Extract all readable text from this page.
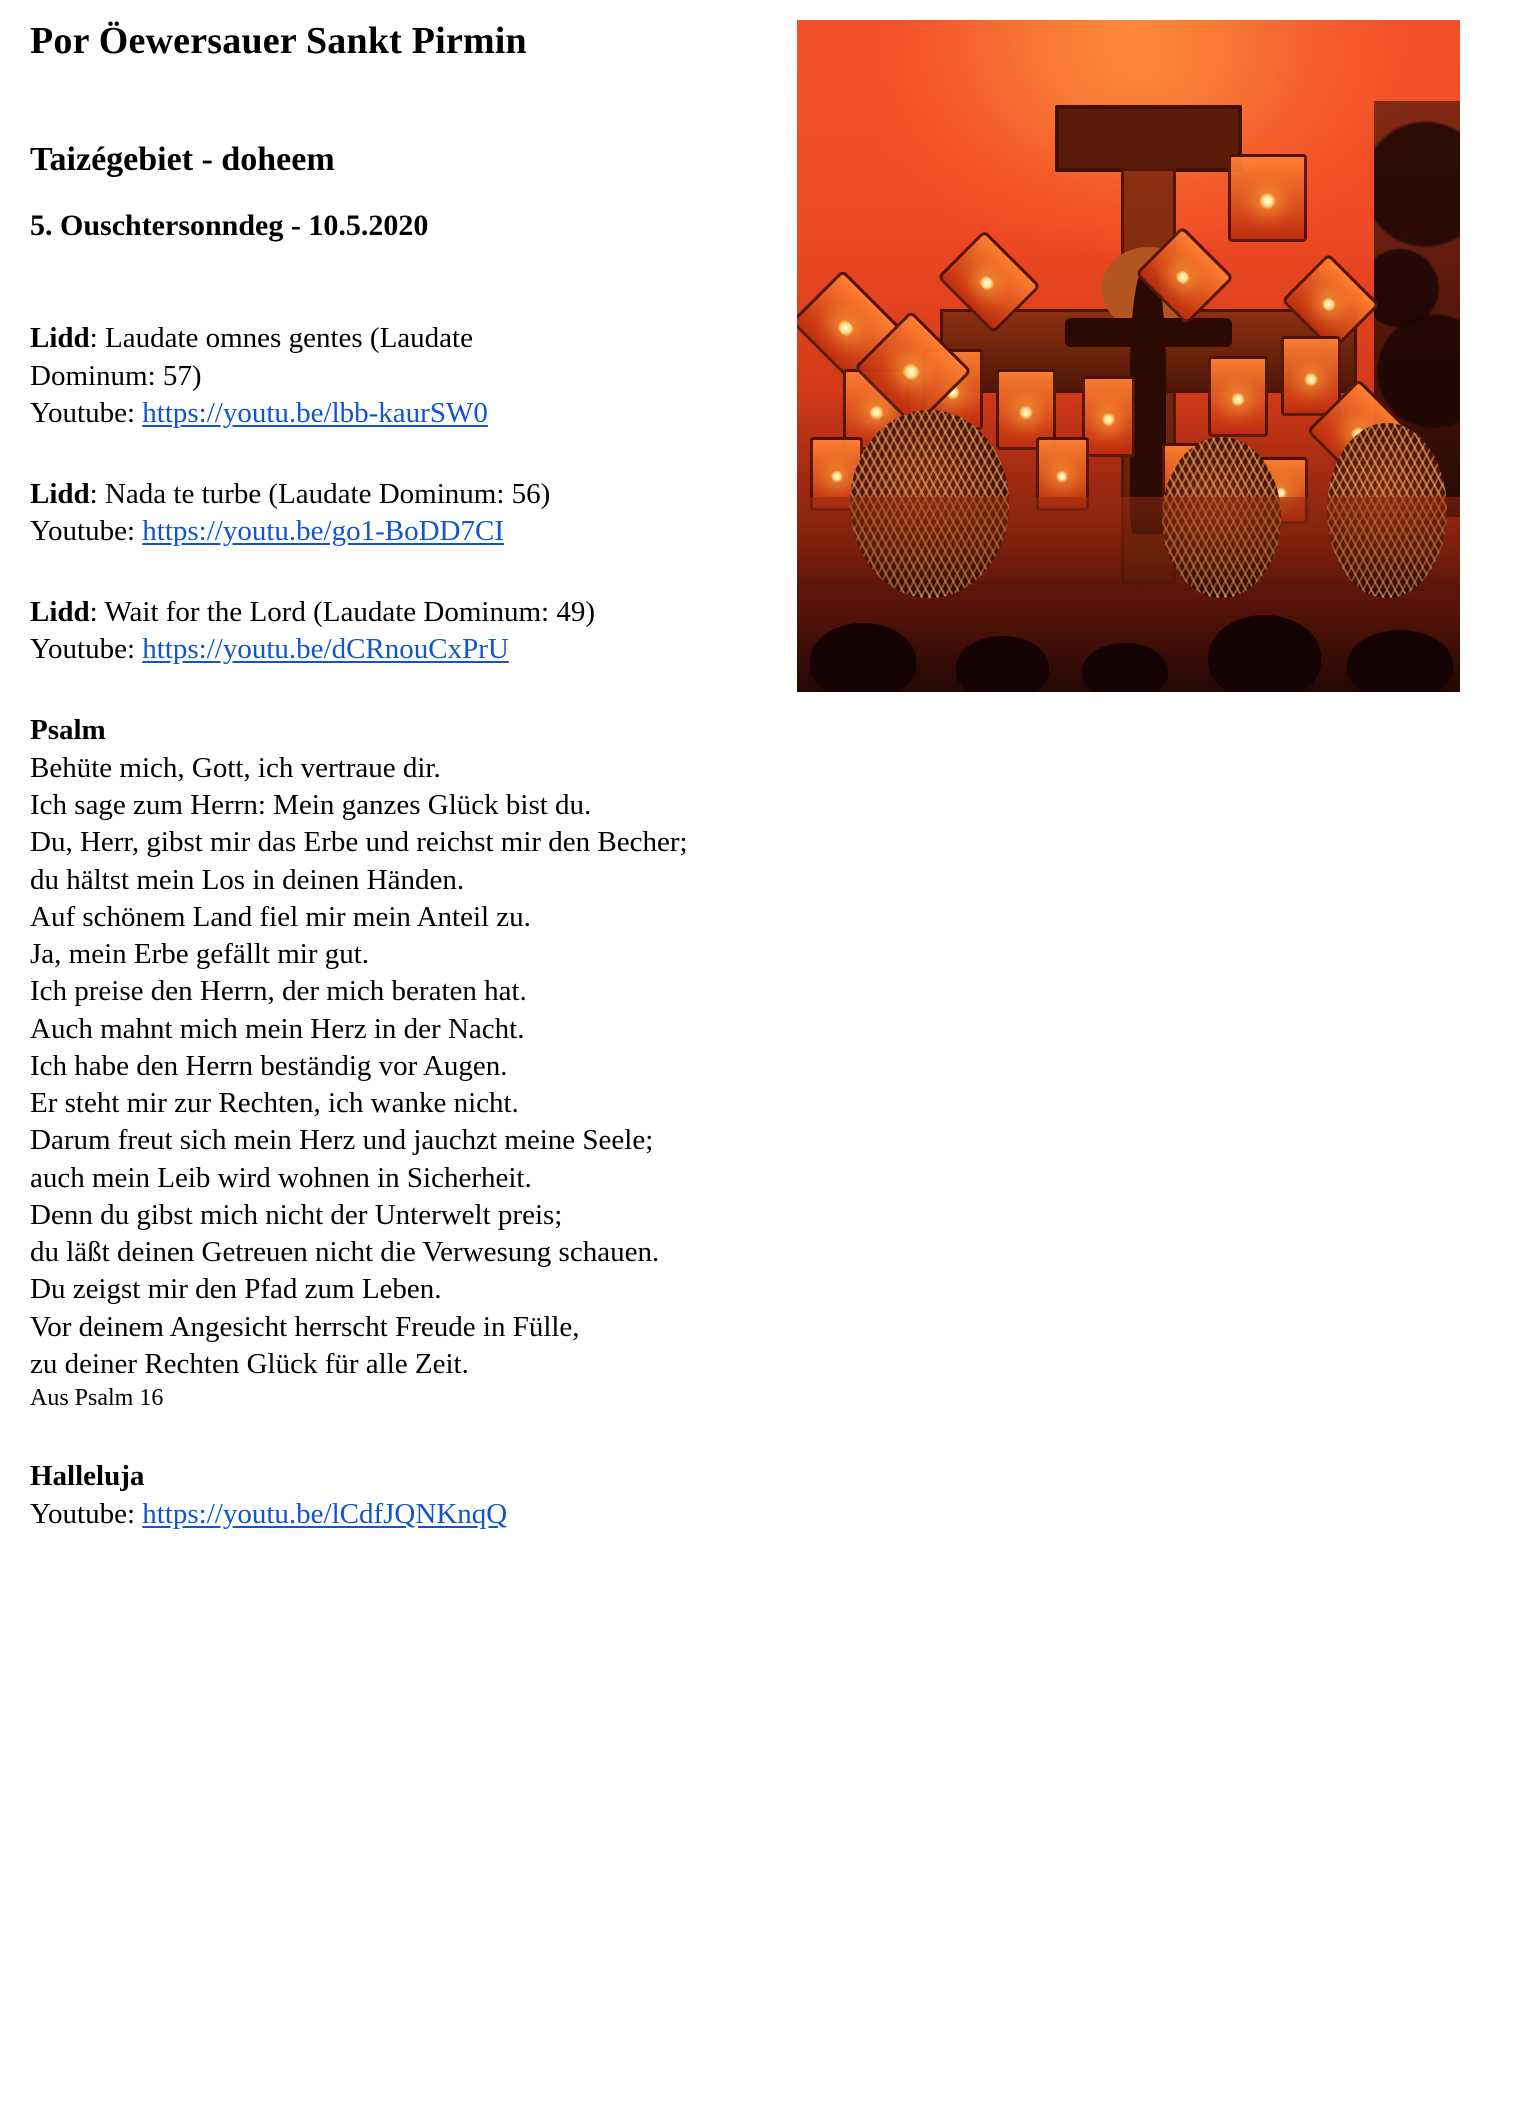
Por Öewersauer Sankt Pirmin
Taizégebiet - doheem
5. Ouschtersonndeg - 10.5.2020
Lidd: Laudate omnes gentes (Laudate
Dominum: 57)
Youtube: https://youtu.be/lbb-kaurSW0
Lidd: Nada te turbe (Laudate Dominum: 56)
Youtube: https://youtu.be/go1-BoDD7CI
Lidd: Wait for the Lord (Laudate Dominum: 49)
Youtube: https://youtu.be/dCRnouCxPrU
Psalm
Behüte mich, Gott, ich vertraue dir.
Ich sage zum Herrn: Mein ganzes Glück bist du.
Du, Herr, gibst mir das Erbe und reichst mir den Becher;
du hältst mein Los in deinen Händen.
Auf schönem Land fiel mir mein Anteil zu.
Ja, mein Erbe gefällt mir gut.
Ich preise den Herrn, der mich beraten hat.
Auch mahnt mich mein Herz in der Nacht.
Ich habe den Herrn beständig vor Augen.
Er steht mir zur Rechten, ich wanke nicht.
Darum freut sich mein Herz und jauchzt meine Seele;
auch mein Leib wird wohnen in Sicherheit.
Denn du gibst mich nicht der Unterwelt preis;
du läßt deinen Getreuen nicht die Verwesung schauen.
Du zeigst mir den Pfad zum Leben.
Vor deinem Angesicht herrscht Freude in Fülle,
zu deiner Rechten Glück für alle Zeit.
Aus Psalm 16
Halleluja
Youtube: https://youtu.be/lCdfJQNKnqQ
